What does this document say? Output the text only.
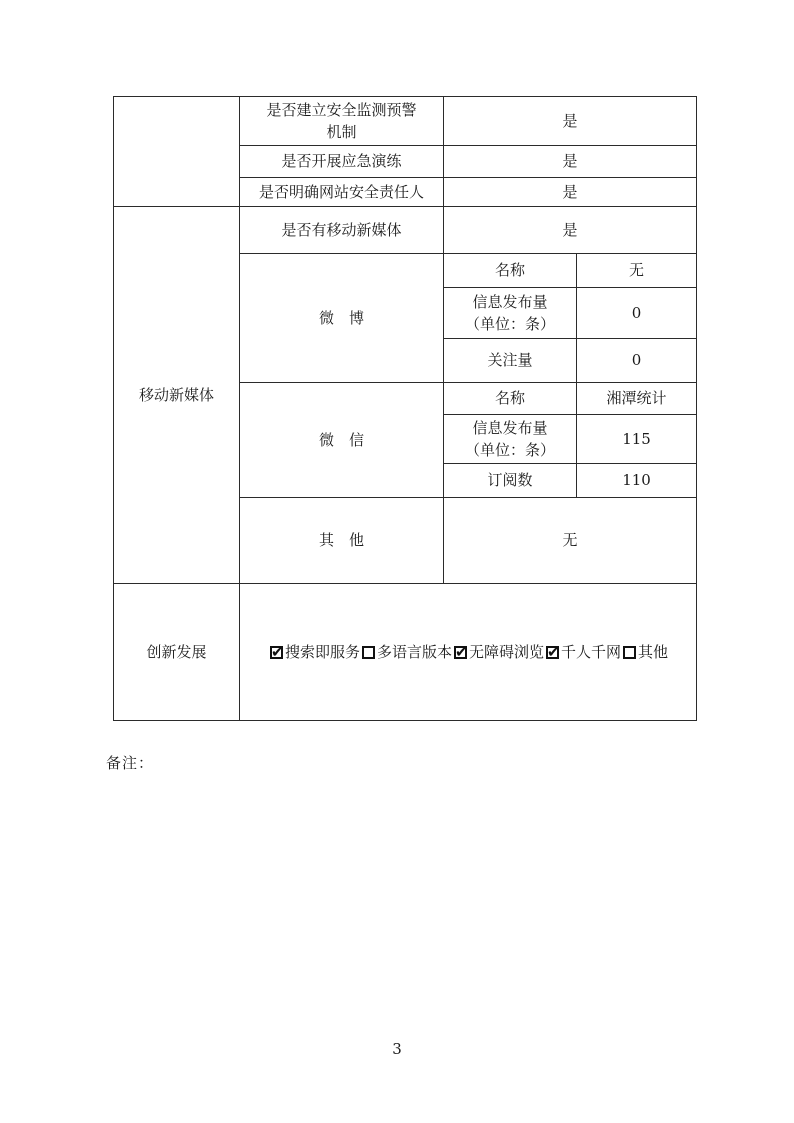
	是否建立安全监测预警
机制	是	
	是否开展应急演练	是	
	是否明确网站安全责任人	是	
移动新媒体	是否有移动新媒体	是	
	微　博	名称	无

		信息发布量
（单位：条）	0
		关注量	0
	微　信	名称	湘潭统计

		信息发布量
（单位：条）	115
		订阅数	110
	其　他	无	
创新发展	
✔搜索即服务 多语言版本 ✔ 无障碍浏览 ✔ 千人千网 其他
备注：
3
